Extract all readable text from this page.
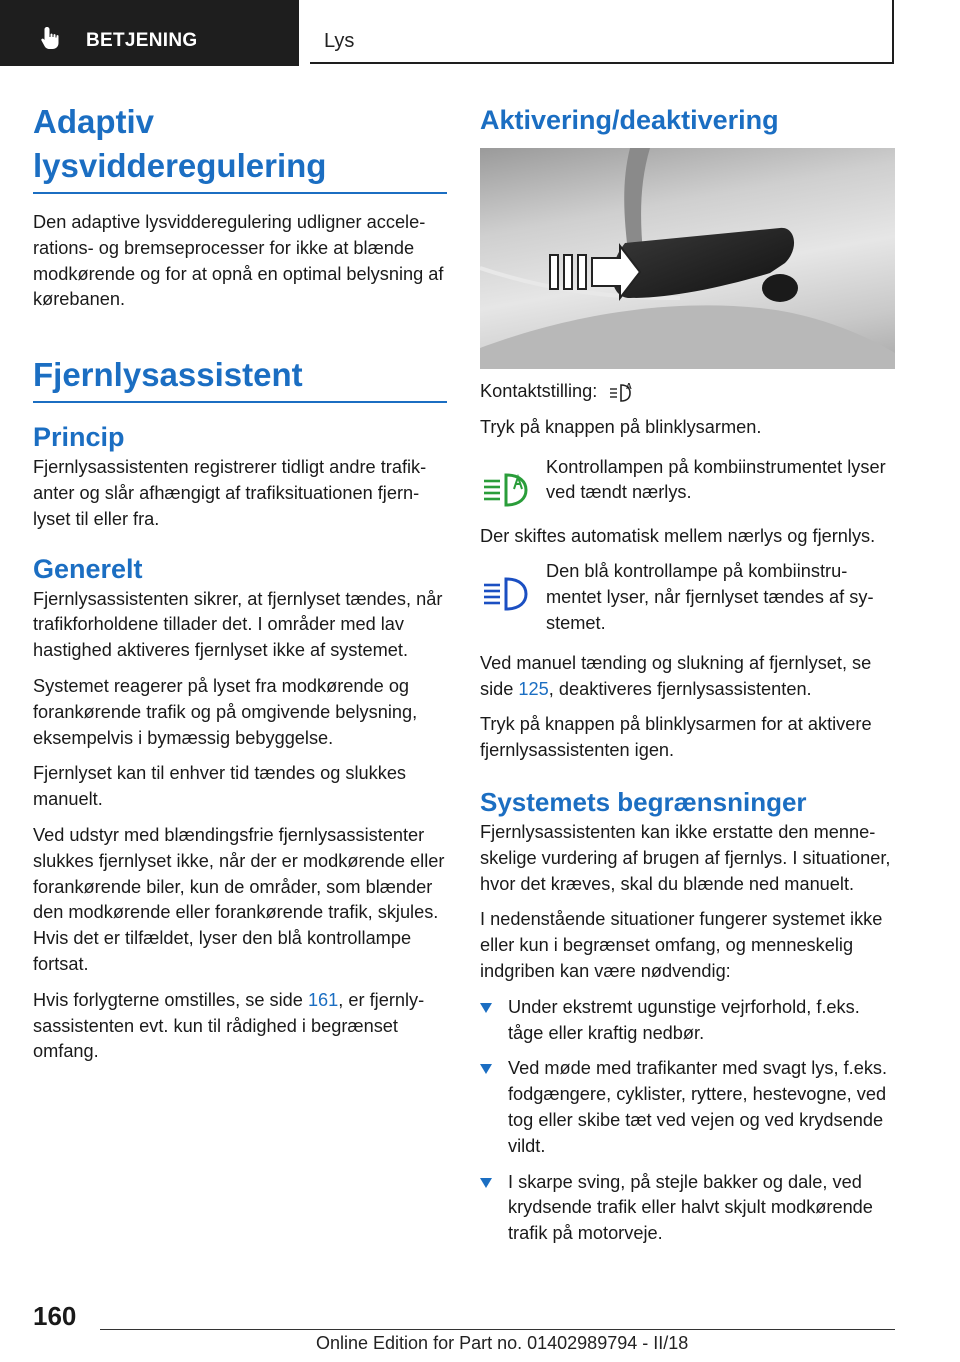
BETJENING	Lys
Adaptiv lysvidderegulering

Den adaptive lysvidderegulering udligner accelerations- og bremseprocesser for ikke at blænde modkørende og for at opnå en optimal belysning af kørebanen.

Fjernlysassistent
Princip

Fjernlysassistenten registrerer tidligt andre trafikanter og slår afhængigt af trafiksituationen fjernlyset til eller fra.

Generelt

Fjernlysassistenten sikrer, at fjernlyset tændes, når trafikforholdene tillader det. I områder med lav hastighed aktiveres fjernlyset ikke af systemet.

Systemet reagerer på lyset fra modkørende og forankørende trafik og på omgivende belysning, eksempelvis i bymæssig bebyggelse.

Fjernlyset kan til enhver tid tændes og slukkes manuelt.

Ved udstyr med blændingsfrie fjernlysassistenter slukkes fjernlyset ikke, når der er modkørende eller forankørende biler, kun de områder, som blænder den modkørende eller forankørende trafik, skjules. Hvis det er tilfældet, lyser den blå kontrollampe fortsat.

Hvis forlygterne omstilles, se side 161, er fjernlysassistenten evt. kun til rådighed i begrænset omfang.

Aktivering/deaktivering

Kontaktstilling:	A

Tryk på knappen på blinklysarmen.

Kontrollampen på kombiinstrumentet lyser ved tændt nærlys.

Der skiftes automatisk mellem nærlys og fjernlys.

Den blå kontrollampe på kombiinstrumentet lyser, når fjernlyset tændes af systemet.

Ved manuel tænding og slukning af fjernlyset, se side 125, deaktiveres fjernlysassistenten.

Tryk på knappen på blinklysarmen for at aktivere fjernlysassistenten igen.

Systemets begrænsninger

Fjernlysassistenten kan ikke erstatte den menneskelige vurdering af brugen af fjernlys. I situationer, hvor det kræves, skal du blænde ned manuelt.

I nedenstående situationer fungerer systemet ikke eller kun i begrænset omfang, og menneskelig indgriben kan være nødvendig:

Under ekstremt ugunstige vejrforhold, f.eks. tåge eller kraftig nedbør.
Ved møde med trafikanter med svagt lys, f.eks. fodgængere, cyklister, ryttere, hestevogne, ved tog eller skibe tæt ved vejen og ved krydsende vildt.
I skarpe sving, på stejle bakker og dale, ved krydsende trafik eller halvt skjult modkørende trafik på motorveje.
160
Online Edition for Part no. 01402989794 - II/18
